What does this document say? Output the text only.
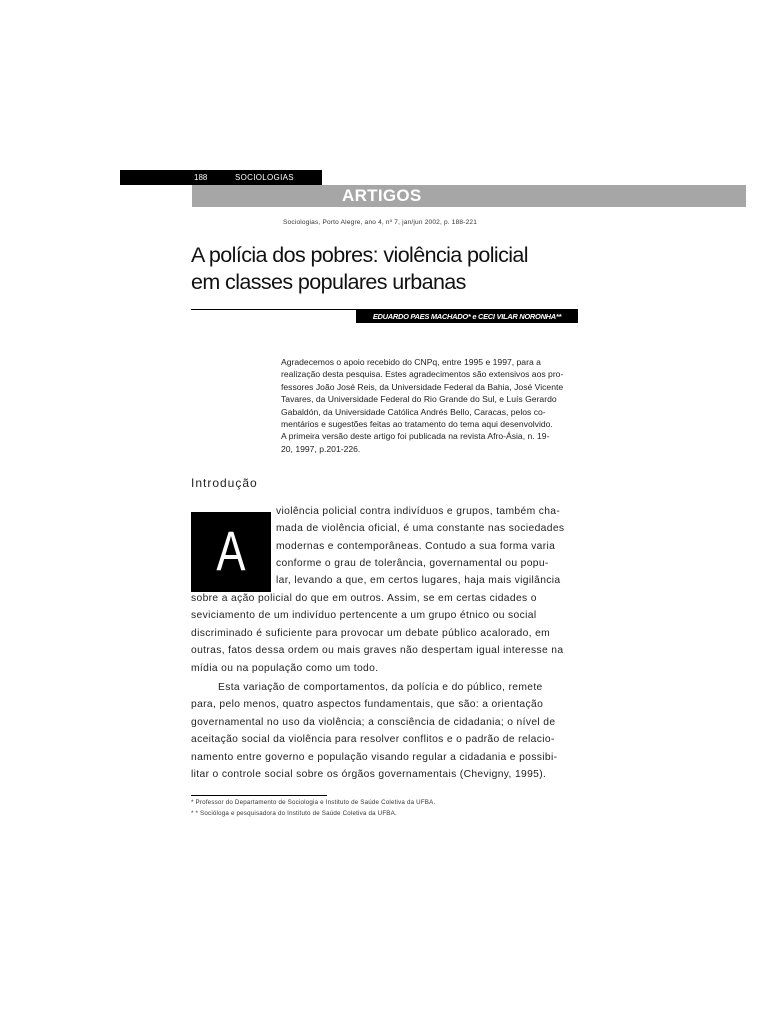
188	SOCIOLOGIAS
ARTIGOS
Sociologias, Porto Alegre, ano 4, nº 7, jan/jun 2002, p. 188-221
A polícia dos pobres: violência policial
em classes populares urbanas
EDUARDO PAES MACHADO* e CECI VILAR NORONHA**
Agradecemos o apoio recebido do CNPq, entre 1995 e 1997, para a
realização desta pesquisa. Estes agradecimentos são extensivos aos pro-
fessores João José Reis, da Universidade Federal da Bahia, José Vicente
Tavares, da Universidade Federal do Rio Grande do Sul, e Luís Gerardo
Gabaldón, da Universidade Católica Andrés Bello, Caracas, pelos co-
mentários e sugestões feitas ao tratamento do tema aqui desenvolvido.
A primeira versão deste artigo foi publicada na revista Afro-Ásia, n. 19-
20, 1997, p.201-226.
Introdução
A
violência policial contra indivíduos e grupos, também cha-
mada de violência oficial, é uma constante nas sociedades
modernas e contemporâneas. Contudo a sua forma varia
conforme o grau de tolerância, governamental ou popu-
lar, levando a que, em certos lugares, haja mais vigilância
sobre a ação policial do que em outros. Assim, se em certas cidades o
seviciamento de um indivíduo pertencente a um grupo étnico ou social
discriminado é suficiente para provocar um debate público acalorado, em
outras, fatos dessa ordem ou mais graves não despertam igual interesse na
mídia ou na população como um todo.
Esta variação de comportamentos, da polícia e do público, remete
para, pelo menos, quatro aspectos fundamentais, que são: a orientação
governamental no uso da violência; a consciência de cidadania; o nível de
aceitação social da violência para resolver conflitos e o padrão de relacio-
namento entre governo e população visando regular a cidadania e possibi-
litar o controle social sobre os órgãos governamentais (Chevigny, 1995).
* Professor do Departamento de Sociologia e Instituto de Saúde Coletiva da UFBA.
* * Socióloga e pesquisadora do Instituto de Saúde Coletiva da UFBA.
